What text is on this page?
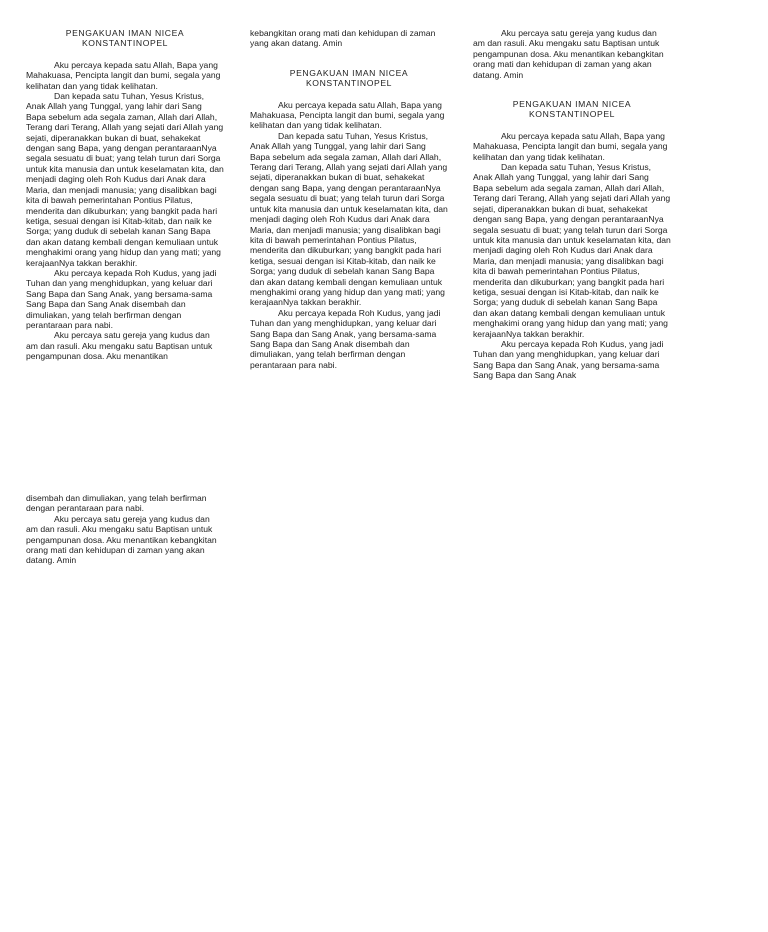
PENGAKUAN IMAN NICEA
KONSTANTINOPEL

Aku percaya kepada satu Allah, Bapa yang Mahakuasa, Pencipta langit dan bumi, segala yang kelihatan dan yang tidak kelihatan.

Dan kepada satu Tuhan, Yesus Kristus, Anak Allah yang Tunggal, yang lahir dari Sang Bapa sebelum ada segala zaman, Allah dari Allah, Terang dari Terang, Allah yang sejati dari Allah yang sejati, diperanakkan bukan di buat, sehakekat dengan sang Bapa, yang dengan perantaraanNya segala sesuatu di buat; yang telah turun dari Sorga untuk kita manusia dan untuk keselamatan kita, dan menjadi daging oleh Roh Kudus dari Anak dara Maria, dan menjadi manusia; yang disalibkan bagi kita di bawah pemerintahan Pontius Pilatus, menderita dan dikuburkan; yang bangkit pada hari ketiga, sesuai dengan isi Kitab-kitab, dan naik ke Sorga; yang duduk di sebelah kanan Sang Bapa dan akan datang kembali dengan kemuliaan untuk menghakimi orang yang hidup dan yang mati; yang kerajaanNya takkan berakhir.

Aku percaya kepada Roh Kudus, yang jadi Tuhan dan yang menghidupkan, yang keluar dari Sang Bapa dan Sang Anak, yang bersama-sama Sang Bapa dan Sang Anak disembah dan dimuliakan, yang telah berfirman dengan perantaraan para nabi.

Aku percaya satu gereja yang kudus dan am dan rasuli. Aku mengaku satu Baptisan untuk pengampunan dosa. Aku menantikan

disembah dan dimuliakan, yang telah berfirman dengan perantaraan para nabi.

Aku percaya satu gereja yang kudus dan am dan rasuli. Aku mengaku satu Baptisan untuk pengampunan dosa. Aku menantikan kebangkitan orang mati dan kehidupan di zaman yang akan datang. Amin

kebangkitan orang mati dan kehidupan di zaman yang akan datang. Amin

PENGAKUAN IMAN NICEA
KONSTANTINOPEL

Aku percaya kepada satu Allah, Bapa yang Mahakuasa, Pencipta langit dan bumi, segala yang kelihatan dan yang tidak kelihatan.

Dan kepada satu Tuhan, Yesus Kristus, Anak Allah yang Tunggal, yang lahir dari Sang Bapa sebelum ada segala zaman, Allah dari Allah, Terang dari Terang, Allah yang sejati dari Allah yang sejati, diperanakkan bukan di buat, sehakekat dengan sang Bapa, yang dengan perantaraanNya segala sesuatu di buat; yang telah turun dari Sorga untuk kita manusia dan untuk keselamatan kita, dan menjadi daging oleh Roh Kudus dari Anak dara Maria, dan menjadi manusia; yang disalibkan bagi kita di bawah pemerintahan Pontius Pilatus, menderita dan dikuburkan; yang bangkit pada hari ketiga, sesuai dengan isi Kitab-kitab, dan naik ke Sorga; yang duduk di sebelah kanan Sang Bapa dan akan datang kembali dengan kemuliaan untuk menghakimi orang yang hidup dan yang mati; yang kerajaanNya takkan berakhir.

Aku percaya kepada Roh Kudus, yang jadi Tuhan dan yang menghidupkan, yang keluar dari Sang Bapa dan Sang Anak, yang bersama-sama Sang Bapa dan Sang Anak disembah dan dimuliakan, yang telah berfirman dengan perantaraan para nabi.

Aku percaya satu gereja yang kudus dan am dan rasuli. Aku mengaku satu Baptisan untuk pengampunan dosa. Aku menantikan kebangkitan orang mati dan kehidupan di zaman yang akan datang. Amin

PENGAKUAN IMAN NICEA
KONSTANTINOPEL

Aku percaya kepada satu Allah, Bapa yang Mahakuasa, Pencipta langit dan bumi, segala yang kelihatan dan yang tidak kelihatan.

Dan kepada satu Tuhan, Yesus Kristus, Anak Allah yang Tunggal, yang lahir dari Sang Bapa sebelum ada segala zaman, Allah dari Allah, Terang dari Terang, Allah yang sejati dari Allah yang sejati, diperanakkan bukan di buat, sehakekat dengan sang Bapa, yang dengan perantaraanNya segala sesuatu di buat; yang telah turun dari Sorga untuk kita manusia dan untuk keselamatan kita, dan menjadi daging oleh Roh Kudus dari Anak dara Maria, dan menjadi manusia; yang disalibkan bagi kita di bawah pemerintahan Pontius Pilatus, menderita dan dikuburkan; yang bangkit pada hari ketiga, sesuai dengan isi Kitab-kitab, dan naik ke Sorga; yang duduk di sebelah kanan Sang Bapa dan akan datang kembali dengan kemuliaan untuk menghakimi orang yang hidup dan yang mati; yang kerajaanNya takkan berakhir.

Aku percaya kepada Roh Kudus, yang jadi Tuhan dan yang menghidupkan, yang keluar dari Sang Bapa dan Sang Anak, yang bersama-sama Sang Bapa dan Sang Anak
